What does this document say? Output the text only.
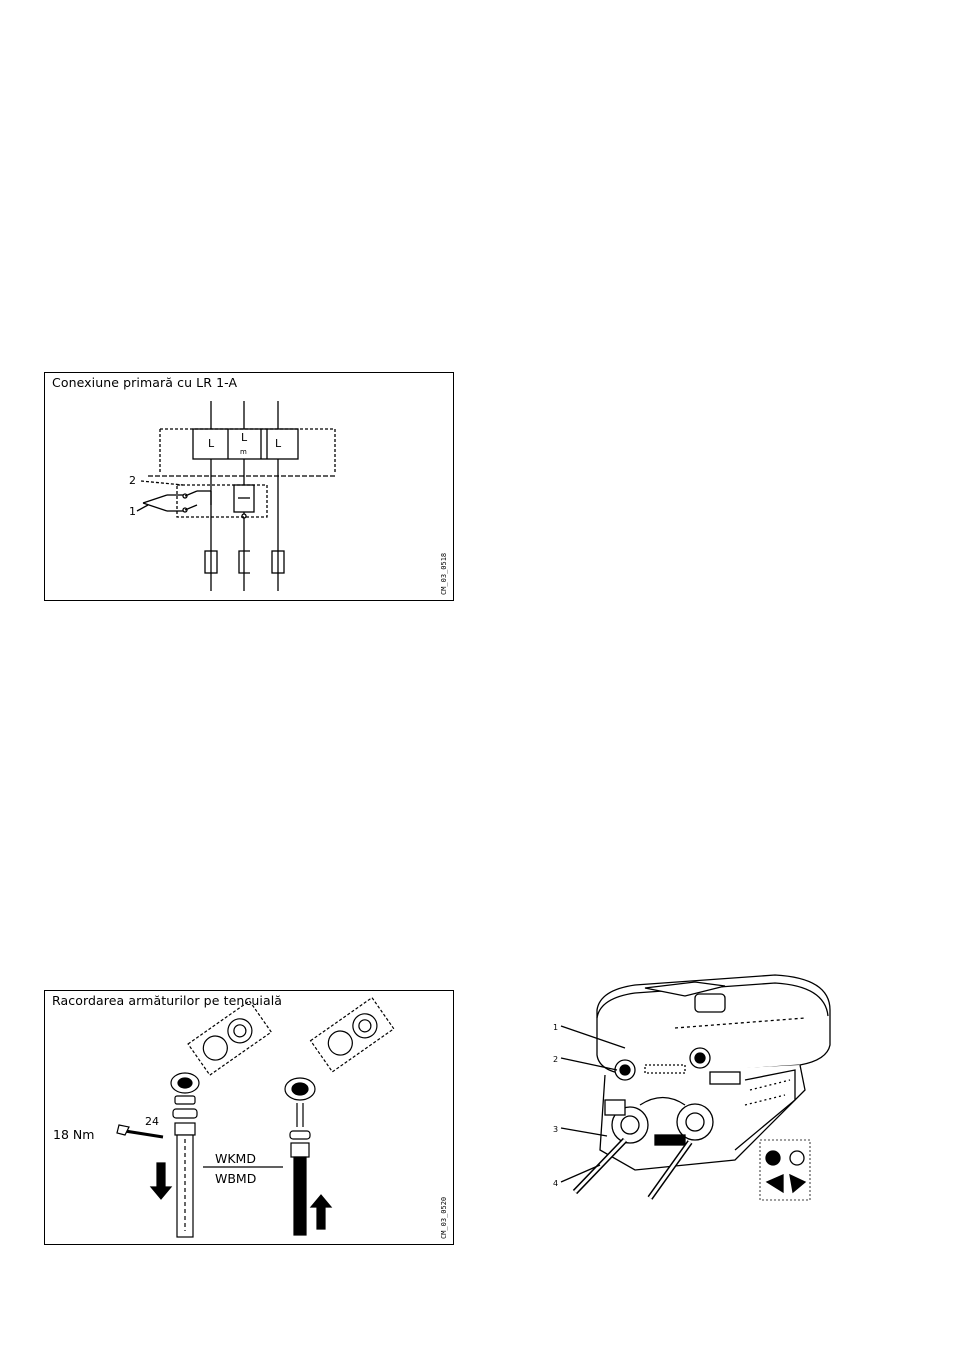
Conexiune primară cu LR 1-A
CM_03_0518
L L	L
m
2
1
Racordarea armăturilor pe tencuială
CM_03_0520
18 Nm
24
WKMD
WBMD
1
2
3
4
